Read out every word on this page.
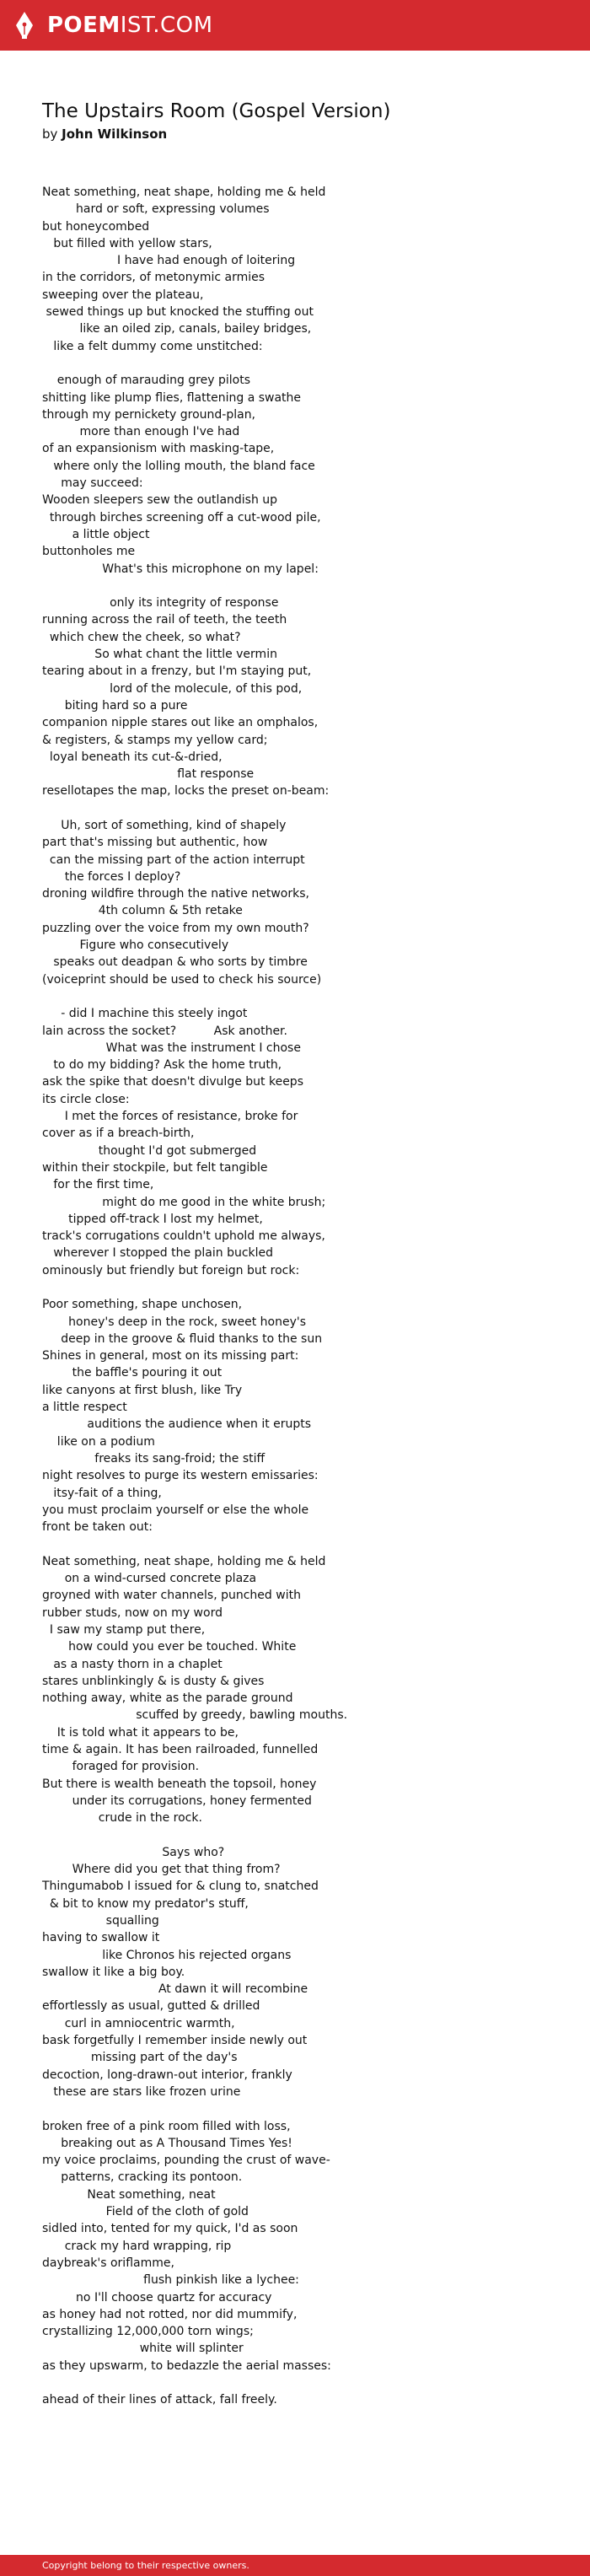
POEMIST.COM
The Upstairs Room (Gospel Version)
by John Wilkinson
Neat something, neat shape, holding me & held
hard or soft, expressing volumes
but honeycombed
but filled with yellow stars,
I have had enough of loitering
in the corridors, of metonymic armies
sweeping over the plateau,
sewed things up but knocked the stuffing out
like an oiled zip, canals, bailey bridges,
like a felt dummy come unstitched:
enough of marauding grey pilots
shitting like plump flies, flattening a swathe
through my pernickety ground-plan,
more than enough I've had
of an expansionism with masking-tape,
where only the lolling mouth, the bland face
may succeed:
Wooden sleepers sew the outlandish up
through birches screening off a cut-wood pile,
a little object
buttonholes me
What's this microphone on my lapel:
only its integrity of response
running across the rail of teeth, the teeth
which chew the cheek, so what?
So what chant the little vermin
tearing about in a frenzy, but I'm staying put,
lord of the molecule, of this pod,
biting hard so a pure
companion nipple stares out like an omphalos,
& registers, & stamps my yellow card;
loyal beneath its cut-&-dried,
flat response
resellotapes the map, locks the preset on-beam:
Uh, sort of something, kind of shapely
part that's missing but authentic, how
can the missing part of the action interrupt
the forces I deploy?
droning wildfire through the native networks,
4th column & 5th retake
puzzling over the voice from my own mouth?
Figure who consecutively
speaks out deadpan & who sorts by timbre
(voiceprint should be used to check his source)
- did I machine this steely ingot
lain across the socket?          Ask another.
What was the instrument I chose
to do my bidding? Ask the home truth,
ask the spike that doesn't divulge but keeps
its circle close:
I met the forces of resistance, broke for
cover as if a breach-birth,
thought I'd got submerged
within their stockpile, but felt tangible
for the first time,
might do me good in the white brush;
tipped off-track I lost my helmet,
track's corrugations couldn't uphold me always,
wherever I stopped the plain buckled
ominously but friendly but foreign but rock:
Poor something, shape unchosen,
honey's deep in the rock, sweet honey's
deep in the groove & fluid thanks to the sun
Shines in general, most on its missing part:
the baffle's pouring it out
like canyons at first blush, like Try
a little respect
auditions the audience when it erupts
like on a podium
freaks its sang-froid; the stiff
night resolves to purge its western emissaries:
itsy-fait of a thing,
you must proclaim yourself or else the whole
front be taken out:
Neat something, neat shape, holding me & held
on a wind-cursed concrete plaza
groyned with water channels, punched with
rubber studs, now on my word
I saw my stamp put there,
how could you ever be touched. White
as a nasty thorn in a chaplet
stares unblinkingly & is dusty & gives
nothing away, white as the parade ground
scuffed by greedy, bawling mouths.
It is told what it appears to be,
time & again. It has been railroaded, funnelled
foraged for provision.
But there is wealth beneath the topsoil, honey
under its corrugations, honey fermented
crude in the rock.
Says who?
Where did you get that thing from?
Thingumabob I issued for & clung to, snatched
& bit to know my predator's stuff,
squalling
having to swallow it
like Chronos his rejected organs
swallow it like a big boy.
At dawn it will recombine
effortlessly as usual, gutted & drilled
curl in amniocentric warmth,
bask forgetfully I remember inside newly out
missing part of the day's
decoction, long-drawn-out interior, frankly
these are stars like frozen urine
broken free of a pink room filled with loss,
breaking out as A Thousand Times Yes!
my voice proclaims, pounding the crust of wave-
patterns, cracking its pontoon.
Neat something, neat
Field of the cloth of gold
sidled into, tented for my quick, I'd as soon
crack my hard wrapping, rip
daybreak's oriflamme,
flush pinkish like a lychee:
no I'll choose quartz for accuracy
as honey had not rotted, nor did mummify,
crystallizing 12,000,000 torn wings;
white will splinter
as they upswarm, to bedazzle the aerial masses:
ahead of their lines of attack, fall freely.
Copyright belong to their respective owners.
